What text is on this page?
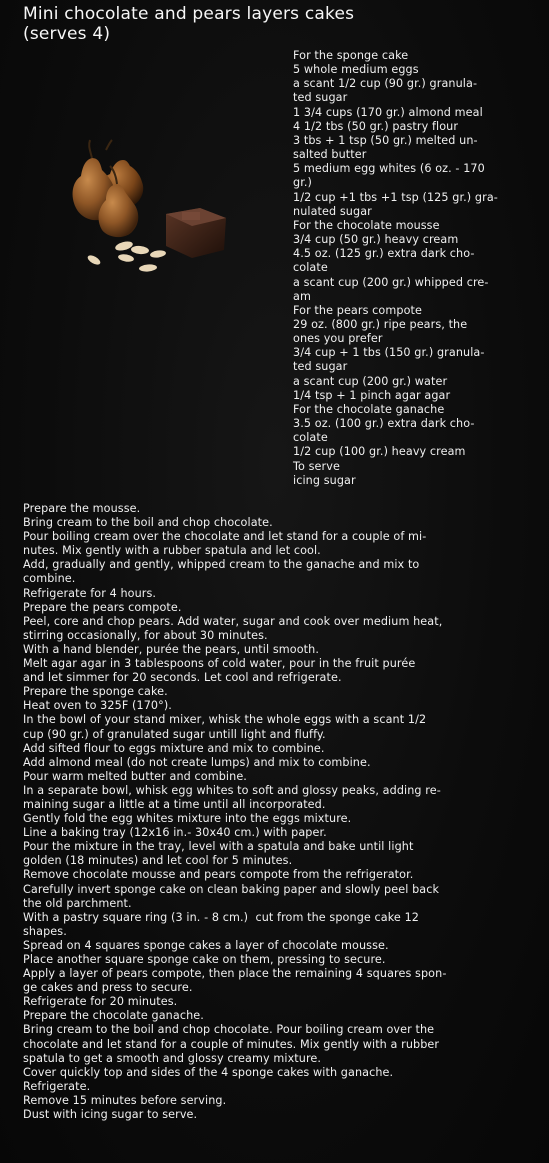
Mini chocolate and pears layers cakes
(serves 4)
For the sponge cake
5 whole medium eggs
a scant 1/2 cup (90 gr.) granula-
ted sugar
1 3/4 cups (170 gr.) almond meal
4 1/2 tbs (50 gr.) pastry flour
3 tbs + 1 tsp (50 gr.) melted un-
salted butter
5 medium egg whites (6 oz. - 170
gr.)
1/2 cup +1 tbs +1 tsp (125 gr.) gra-
nulated sugar
For the chocolate mousse
3/4 cup (50 gr.) heavy cream
4.5 oz. (125 gr.) extra dark cho-
colate
a scant cup (200 gr.) whipped cre-
am
For the pears compote
29 oz. (800 gr.) ripe pears, the
ones you prefer
3/4 cup + 1 tbs (150 gr.) granula-
ted sugar
a scant cup (200 gr.) water
1/4 tsp + 1 pinch agar agar
For the chocolate ganache
3.5 oz. (100 gr.) extra dark cho-
colate
1/2 cup (100 gr.) heavy cream
To serve
icing sugar
Prepare the mousse.
Bring cream to the boil and chop chocolate.
Pour boiling cream over the chocolate and let stand for a couple of mi-
nutes. Mix gently with a rubber spatula and let cool.
Add, gradually and gently, whipped cream to the ganache and mix to
combine.
Refrigerate for 4 hours.
Prepare the pears compote.
Peel, core and chop pears. Add water, sugar and cook over medium heat,
stirring occasionally, for about 30 minutes.
With a hand blender, purée the pears, until smooth.
Melt agar agar in 3 tablespoons of cold water, pour in the fruit purée
and let simmer for 20 seconds. Let cool and refrigerate.
Prepare the sponge cake.
Heat oven to 325F (170°).
In the bowl of your stand mixer, whisk the whole eggs with a scant 1/2
cup (90 gr.) of granulated sugar untill light and fluffy.
Add sifted flour to eggs mixture and mix to combine.
Add almond meal (do not create lumps) and mix to combine.
Pour warm melted butter and combine.
In a separate bowl, whisk egg whites to soft and glossy peaks, adding re-
maining sugar a little at a time until all incorporated.
Gently fold the egg whites mixture into the eggs mixture.
Line a baking tray (12x16 in.- 30x40 cm.) with paper.
Pour the mixture in the tray, level with a spatula and bake until light
golden (18 minutes) and let cool for 5 minutes.
Remove chocolate mousse and pears compote from the refrigerator.
Carefully invert sponge cake on clean baking paper and slowly peel back
the old parchment.
With a pastry square ring (3 in. - 8 cm.)  cut from the sponge cake 12
shapes.
Spread on 4 squares sponge cakes a layer of chocolate mousse.
Place another square sponge cake on them, pressing to secure.
Apply a layer of pears compote, then place the remaining 4 squares spon-
ge cakes and press to secure.
Refrigerate for 20 minutes.
Prepare the chocolate ganache.
Bring cream to the boil and chop chocolate. Pour boiling cream over the
chocolate and let stand for a couple of minutes. Mix gently with a rubber
spatula to get a smooth and glossy creamy mixture.
Cover quickly top and sides of the 4 sponge cakes with ganache.
Refrigerate.
Remove 15 minutes before serving.
Dust with icing sugar to serve.
